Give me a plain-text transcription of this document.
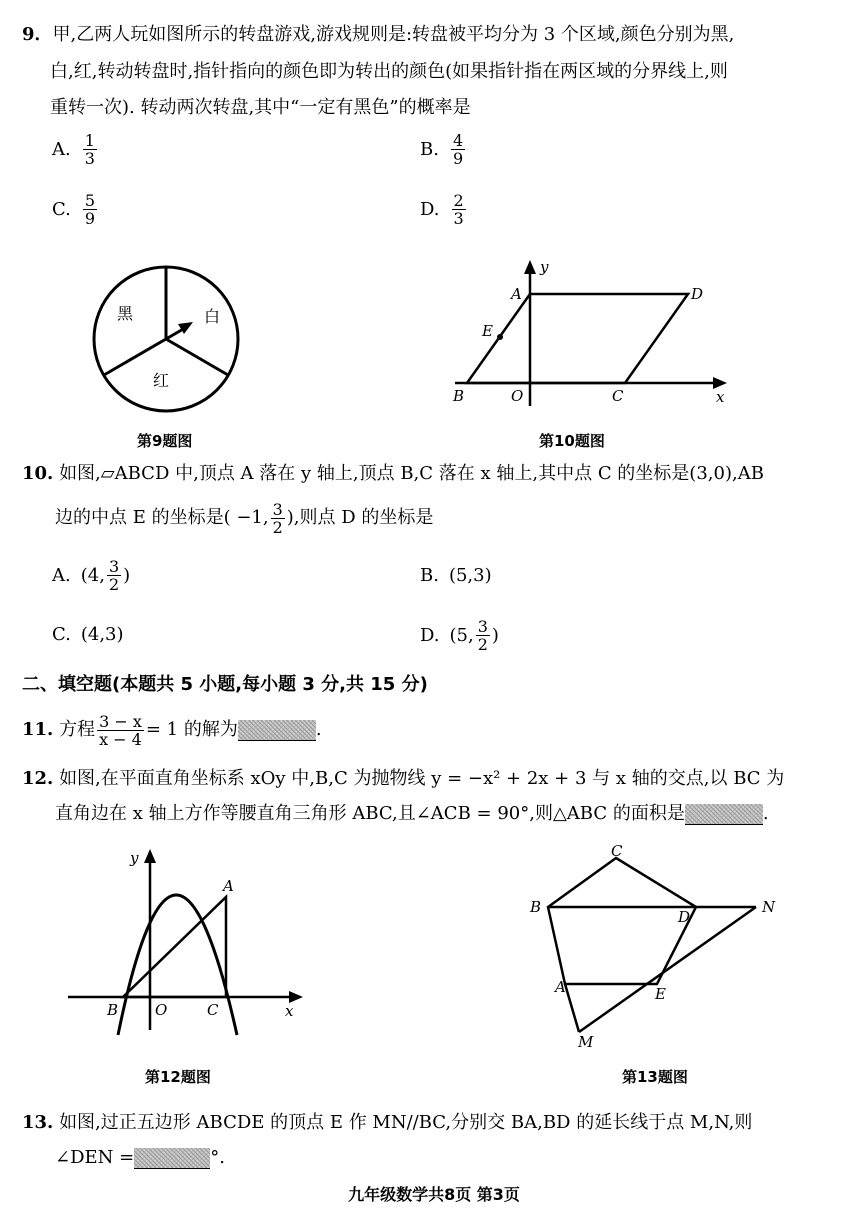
9．甲,乙两人玩如图所示的转盘游戏,游戏规则是:转盘被平均分为 3 个区域,颜色分别为黑,
白,红,转动转盘时,指针指向的颜色即为转出的颜色(如果指针指在两区域的分界线上,则
重转一次). 转动两次转盘,其中“一定有黑色”的概率是
A. $\frac{1}{3}$	B. $\frac{4}{9}$
C. $\frac{5}{9}$	D. $\frac{2}{3}$
黑	白
红
第9题图
y
x
A	D
E
B	O	C
第10题图
10. 如图,▱ABCD 中,顶点 A 落在 y 轴上,顶点 B,C 落在 x 轴上,其中点 C 的坐标是(3,0),AB
边的中点 E 的坐标是( −1, $\frac{3}{2}$ ),则点 D 的坐标是
A. (4, $\frac{3}{2}$ )	B. (5,3)
C. (4,3)	D. (5, $\frac{3}{2}$ )
二、填空题(本题共 5 小题,每小题 3 分,共 15 分)
11. 方程 $\frac{3 - x}{x - 4} = 1$ 的解为	.
12. 如图,在平面直角坐标系 xOy 中,B,C 为抛物线 y = −x² + 2x + 3 与 x 轴的交点,以 BC 为
直角边在 x 轴上方作等腰直角三角形 ABC,且∠ACB = 90°,则△ABC 的面积是	.
y
x
A
B O	C
第12题图
C
B
D
N
A	E
M
第13题图
13. 如图,过正五边形 ABCDE 的顶点 E 作 MN//BC,分别交 BA,BD 的延长线于点 M,N,则
∠DEN =	°.
九年级数学共8页 第3页
